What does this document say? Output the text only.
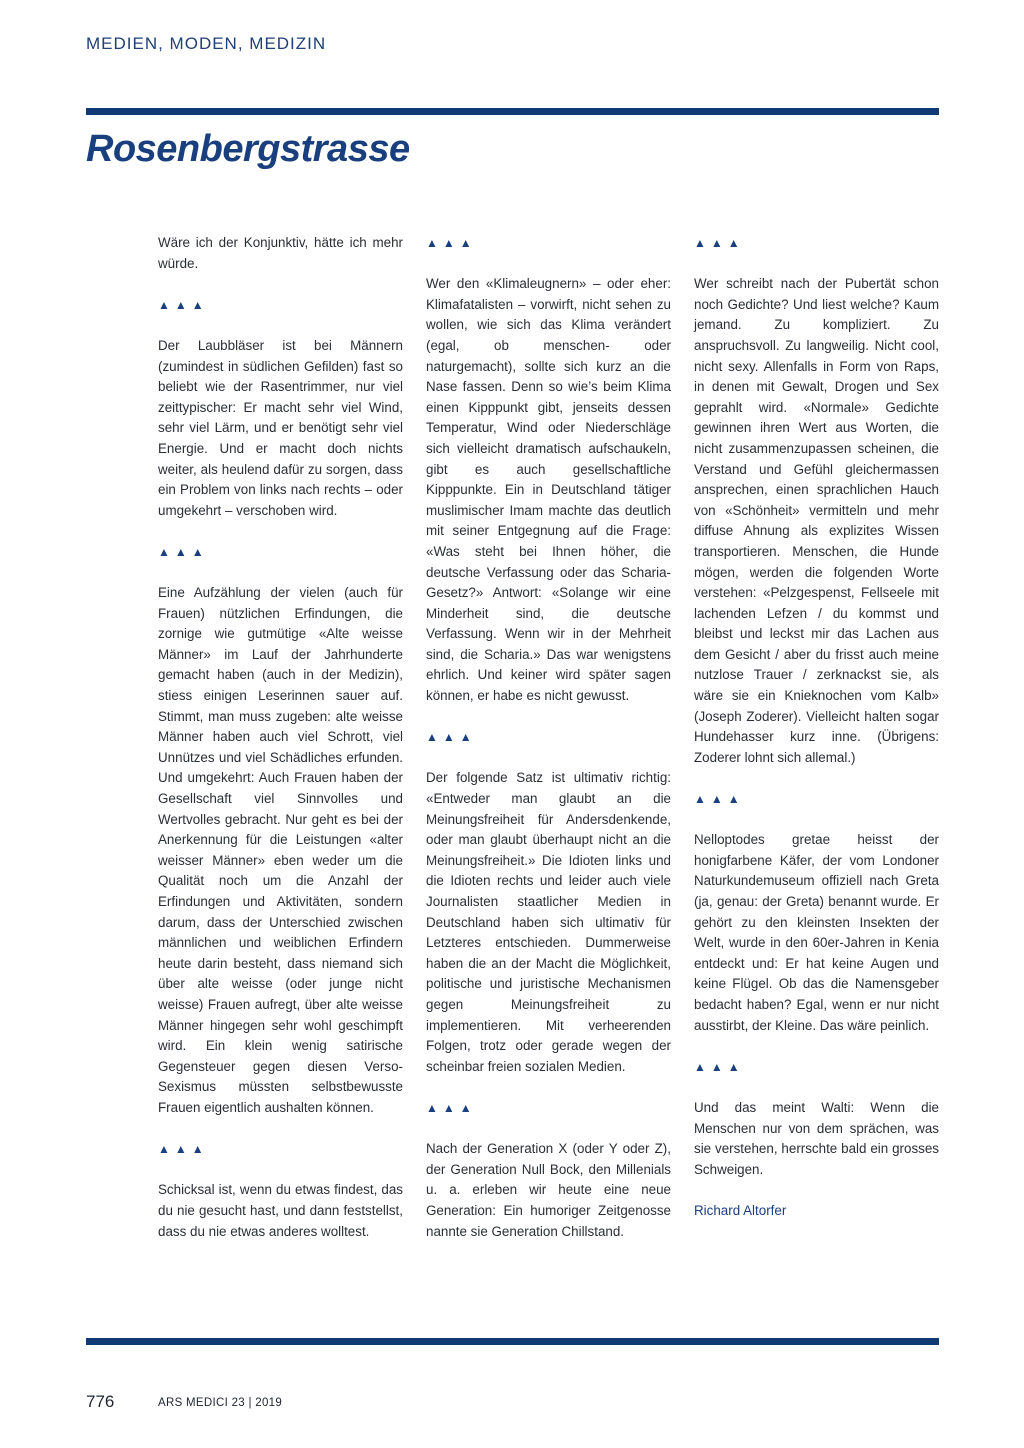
MEDIEN, MODEN, MEDIZIN
Rosenbergstrasse

Wäre ich der Konjunktiv, hätte ich mehr würde.

▲▲▲

Der Laubbläser ist bei Männern (zumindest in südlichen Gefilden) fast so beliebt wie der Rasentrimmer, nur viel zeittypischer: Er macht sehr viel Wind, sehr viel Lärm, und er benötigt sehr viel Energie. Und er macht doch nichts weiter, als heulend dafür zu sorgen, dass ein Problem von links nach rechts – oder umgekehrt – verschoben wird.

▲▲▲

Eine Aufzählung der vielen (auch für Frauen) nützlichen Erfindungen, die zornige wie gutmütige «Alte weisse Männer» im Lauf der Jahrhunderte gemacht haben (auch in der Medizin), stiess einigen Leserinnen sauer auf. Stimmt, man muss zugeben: alte weisse Männer haben auch viel Schrott, viel Unnützes und viel Schädliches erfunden. Und umgekehrt: Auch Frauen haben der Gesellschaft viel Sinnvolles und Wertvolles gebracht. Nur geht es bei der Anerkennung für die Leistungen «alter weisser Männer» eben weder um die Qualität noch um die Anzahl der Erfindungen und Aktivitäten, sondern darum, dass der Unterschied zwischen männlichen und weiblichen Erfindern heute darin besteht, dass niemand sich über alte weisse (oder junge nicht weisse) Frauen aufregt, über alte weisse Männer hingegen sehr wohl geschimpft wird. Ein klein wenig satirische Gegensteuer gegen diesen Verso-Sexismus müssten selbstbewusste Frauen eigentlich aushalten können.

▲▲▲

Schicksal ist, wenn du etwas findest, das du nie gesucht hast, und dann feststellst, dass du nie etwas anderes wolltest.

▲▲▲

Wer den «Klimaleugnern» – oder eher: Klimafatalisten – vorwirft, nicht sehen zu wollen, wie sich das Klima verändert (egal, ob menschen- oder naturgemacht), sollte sich kurz an die Nase fassen. Denn so wie’s beim Klima einen Kipppunkt gibt, jenseits dessen Temperatur, Wind oder Niederschläge sich vielleicht dramatisch aufschaukeln, gibt es auch gesellschaftliche Kipppunkte. Ein in Deutschland tätiger muslimischer Imam machte das deutlich mit seiner Entgegnung auf die Frage: «Was steht bei Ihnen höher, die deutsche Verfassung oder das Scharia-Gesetz?» Antwort: «Solange wir eine Minderheit sind, die deutsche Verfassung. Wenn wir in der Mehrheit sind, die Scharia.» Das war wenigstens ehrlich. Und keiner wird später sagen können, er habe es nicht gewusst.

▲▲▲

Der folgende Satz ist ultimativ richtig: «Entweder man glaubt an die Meinungsfreiheit für Andersdenkende, oder man glaubt überhaupt nicht an die Meinungsfreiheit.» Die Idioten links und die Idioten rechts und leider auch viele Journalisten staatlicher Medien in Deutschland haben sich ultimativ für Letzteres entschieden. Dummerweise haben die an der Macht die Möglichkeit, politische und juristische Mechanismen gegen Meinungsfreiheit zu implementieren. Mit verheerenden Folgen, trotz oder gerade wegen der scheinbar freien sozialen Medien.

▲▲▲

Nach der Generation X (oder Y oder Z), der Generation Null Bock, den Millenials u. a. erleben wir heute eine neue Generation: Ein humoriger Zeitgenosse nannte sie Generation Chillstand.

▲▲▲

Wer schreibt nach der Pubertät schon noch Gedichte? Und liest welche? Kaum jemand. Zu kompliziert. Zu anspruchsvoll. Zu langweilig. Nicht cool, nicht sexy. Allenfalls in Form von Raps, in denen mit Gewalt, Drogen und Sex geprahlt wird. «Normale» Gedichte gewinnen ihren Wert aus Worten, die nicht zusammenzupassen scheinen, die Verstand und Gefühl gleichermassen ansprechen, einen sprachlichen Hauch von «Schönheit» vermitteln und mehr diffuse Ahnung als explizites Wissen transportieren. Menschen, die Hunde mögen, werden die folgenden Worte verstehen: «Pelzgespenst, Fellseele mit lachenden Lefzen / du kommst und bleibst und leckst mir das Lachen aus dem Gesicht / aber du frisst auch meine nutzlose Trauer / zerknackst sie, als wäre sie ein Knieknochen vom Kalb» (Joseph Zoderer). Vielleicht halten sogar Hundehasser kurz inne. (Übrigens: Zoderer lohnt sich allemal.)

▲▲▲

Nelloptodes gretae heisst der honigfarbene Käfer, der vom Londoner Naturkundemuseum offiziell nach Greta (ja, genau: der Greta) benannt wurde. Er gehört zu den kleinsten Insekten der Welt, wurde in den 60er-Jahren in Kenia entdeckt und: Er hat keine Augen und keine Flügel. Ob das die Namensgeber bedacht haben? Egal, wenn er nur nicht ausstirbt, der Kleine. Das wäre peinlich.

▲▲▲

Und das meint Walti: Wenn die Menschen nur von dem sprächen, was sie verstehen, herrschte bald ein grosses Schweigen.

Richard Altorfer
776	ARS MEDICI 23 | 2019
